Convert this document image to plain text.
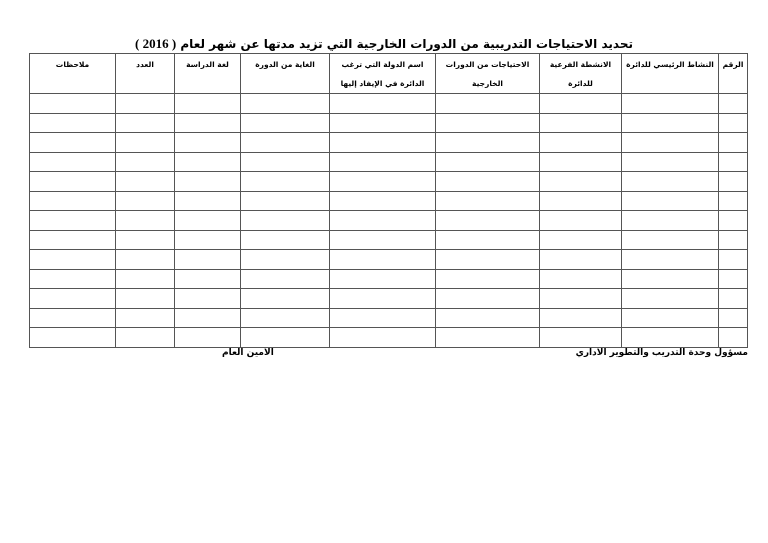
تحديد الاحتياجات التدريبية من الدورات الخارجية التي تزيد مدتها عن شهر لعام ( 2016 )
الرقم	النشاط الرئيسي للدائرة	الانشطة الفرعية للدائرة	الاحتياجات من الدورات الخارجية	اسم الدولة التي ترغب الدائرة في الإيفاد إليها	الغاية من الدورة	لغة الدراسة	العدد	ملاحظات

مسؤول وحدة التدريب والتطوير الاداري
الامين العام
